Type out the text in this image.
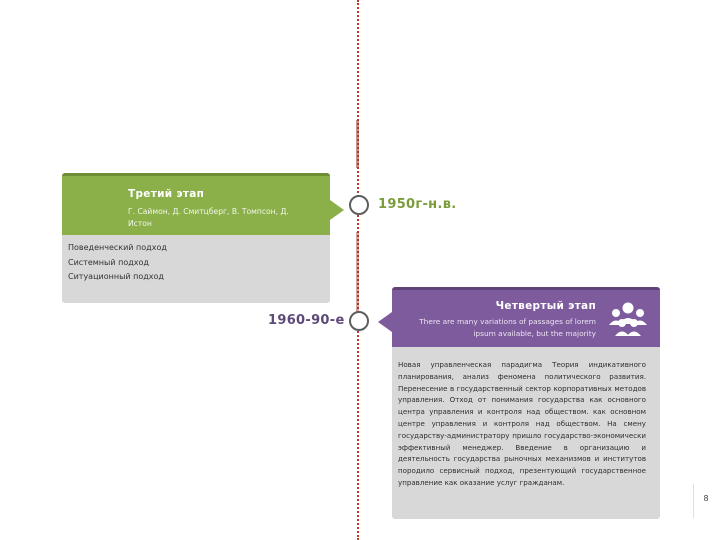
Третий этап
Г. Саймон, Д. Смитцберг, В. Томпсон, Д. Истон
Поведенческий подход
Системный подход
Ситуационный подход
1950г-н.в.
1960-90-е
Четвертый этап
There are many variations of passages of lorem ipsum available, but the majority
Новая управленческая парадигма Теория индикативного планирования, анализ феномена политического развития. Перенесение в государственный сектор корпоративных методов управления. Отход от понимания государства как основного центра управления и контроля над обществом. как основном центре управления и контроля над обществом. На смену государству-администратору пришло государство-экономически эффективный менеджер. Введение в организацию и деятельность государства рыночных механизмов и институтов породило сервисный подход, презентующий государственное управление как оказание услуг гражданам.
8
